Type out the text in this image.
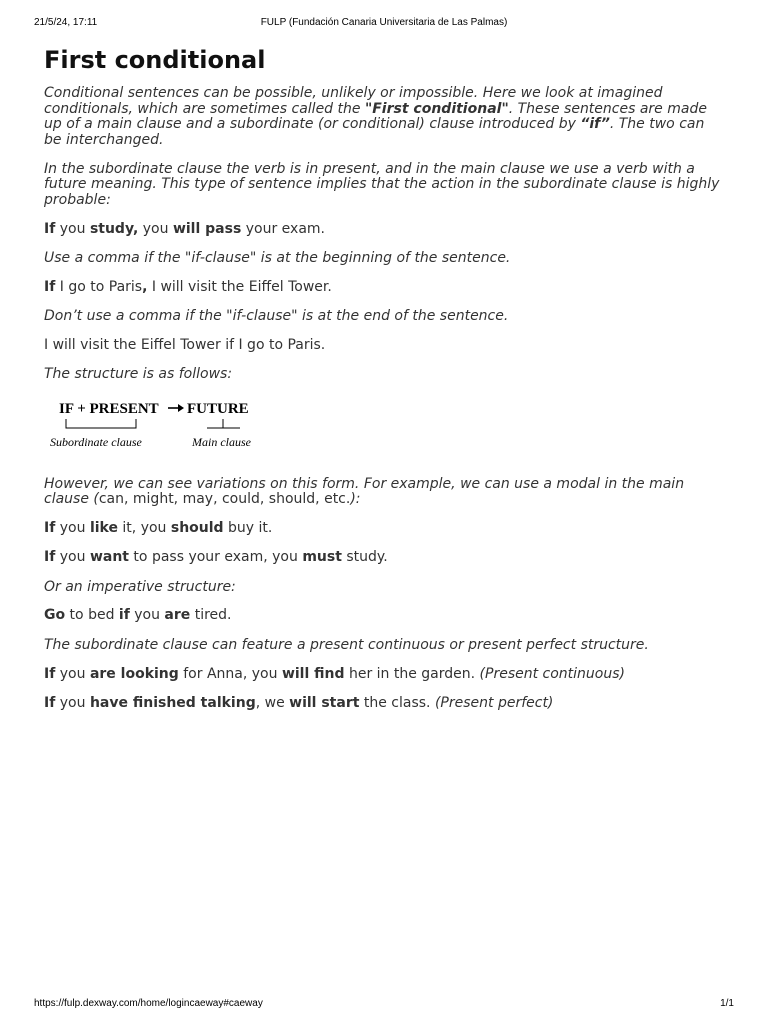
21/5/24, 17:11	FULP (Fundación Canaria Universitaria de Las Palmas)
First conditional

Conditional sentences can be possible, unlikely or impossible. Here we look at imagined conditionals, which are sometimes called the "First conditional". These sentences are made up of a main clause and a subordinate (or conditional) clause introduced by “if”. The two can be interchanged.

In the subordinate clause the verb is in present, and in the main clause we use a verb with a future meaning. This type of sentence implies that the action in the subordinate clause is highly probable:

If you study, you will pass your exam.

Use a comma if the "if-clause" is at the beginning of the sentence.

If I go to Paris, I will visit the Eiffel Tower.

Don’t use a comma if the "if-clause" is at the end of the sentence.

I will visit the Eiffel Tower if I go to Paris.

The structure is as follows:

IF + PRESENT FUTURE
Subordinate clause	Main clause

However, we can see variations on this form. For example, we can use a modal in the main clause (can, might, may, could, should, etc.):

If you like it, you should buy it.

If you want to pass your exam, you must study.

Or an imperative structure:

Go to bed if you are tired.

The subordinate clause can feature a present continuous or present perfect structure.

If you are looking for Anna, you will find her in the garden. (Present continuous)

If you have finished talking, we will start the class. (Present perfect)

https://fulp.dexway.com/home/logincaeway#caeway	1/1
